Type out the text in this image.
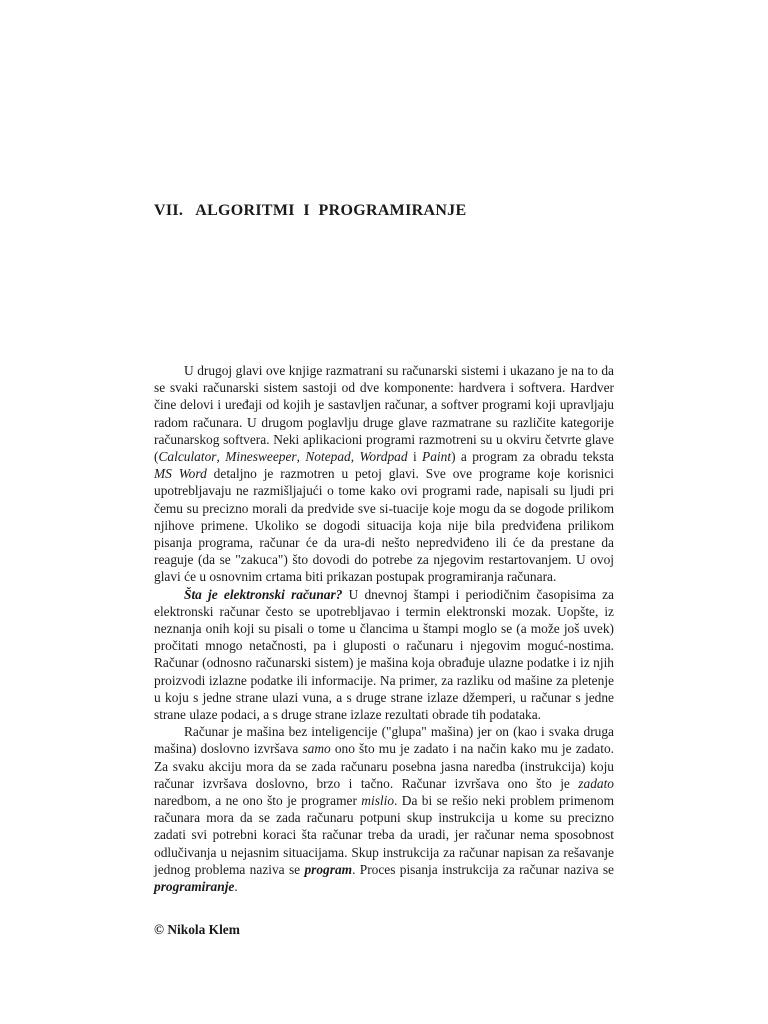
VII.   ALGORITMI  I  PROGRAMIRANJE

U drugoj glavi ove knjige razmatrani su računarski sistemi i ukazano je na to da se svaki računarski sistem sastoji od dve komponente: hardvera i softvera. Hardver čine delovi i uređaji od kojih je sastavljen računar, a softver programi koji upravljaju radom računara. U drugom poglavlju druge glave razmatrane su različite kategorije računarskog softvera. Neki aplikacioni programi razmotreni su u okviru četvrte glave (Calculator, Minesweeper, Notepad, Wordpad i Paint) a program za obradu teksta MS Word detaljno je razmotren u petoj glavi. Sve ove programe koje korisnici upotrebljavaju ne razmišljajući o tome kako ovi programi rade, napisali su ljudi pri čemu su precizno morali da predvide sve si-tuacije koje mogu da se dogode prilikom njihove primene. Ukoliko se dogodi situacija koja nije bila predviđena prilikom pisanja programa, računar će da ura-di nešto nepredviđeno ili će da prestane da reaguje (da se "zakuca") što dovodi do potrebe za njegovim restartovanjem. U ovoj glavi će u osnovnim crtama biti prikazan postupak programiranja računara.

Šta je elektronski računar? U dnevnoj štampi i periodičnim časopisima za elektronski računar često se upotrebljavao i termin elektronski mozak. Uopšte, iz neznanja onih koji su pisali o tome u člancima u štampi moglo se (a može još uvek) pročitati mnogo netačnosti, pa i gluposti o računaru i njegovim moguć-nostima. Računar (odnosno računarski sistem) je mašina koja obrađuje ulazne podatke i iz njih proizvodi izlazne podatke ili informacije. Na primer, za razliku od mašine za pletenje u koju s jedne strane ulazi vuna, a s druge strane izlaze džemperi, u računar s jedne strane ulaze podaci, a s druge strane izlaze rezultati obrade tih podataka.

Računar je mašina bez inteligencije ("glupa" mašina) jer on (kao i svaka druga mašina) doslovno izvršava samo ono što mu je zadato i na način kako mu je zadato. Za svaku akciju mora da se zada računaru posebna jasna naredba (instrukcija) koju računar izvršava doslovno, brzo i tačno. Računar izvršava ono što je zadato naredbom, a ne ono što je programer mislio. Da bi se rešio neki problem primenom računara mora da se zada računaru potpuni skup instrukcija u kome su precizno zadati svi potrebni koraci šta računar treba da uradi, jer računar nema sposobnost odlučivanja u nejasnim situacijama. Skup instrukcija za računar napisan za rešavanje jednog problema naziva se program. Proces pisanja instrukcija za računar naziva se programiranje.

© Nikola Klem
